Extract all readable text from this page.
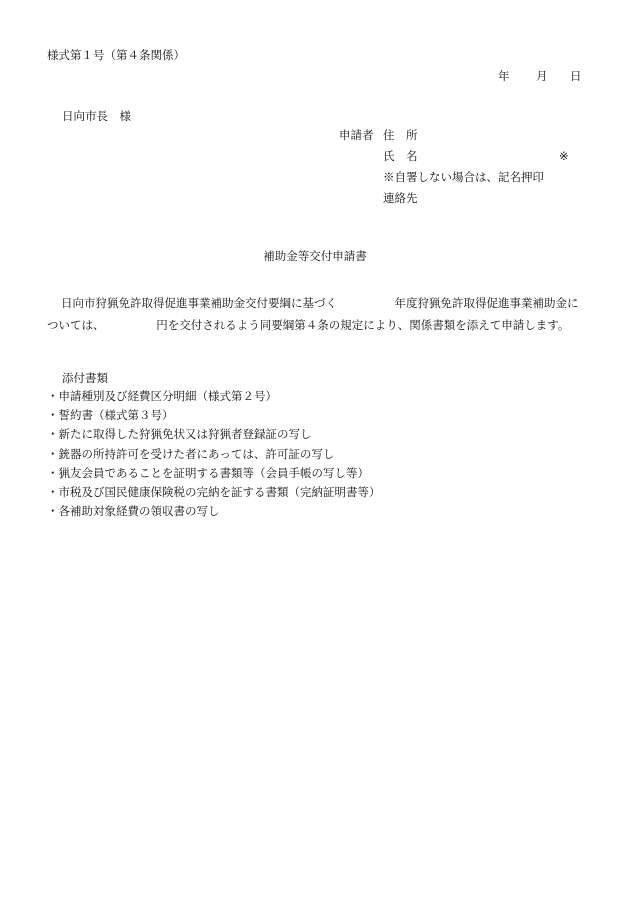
様式第１号（第４条関係）
年 月 日
日向市長　様
申請者 住　所
氏　名	※
※自署しない場合は、記名押印
連絡先
補助金等交付申請書

日向市狩猟免許取得促進事業補助金交付要綱に基づく　　　　　年度狩猟免許取得促進事業補助金に

ついては、　　　　　円を交付されるよう同要綱第４条の規定により、関係書類を添えて申請します。

添付書類
・申請種別及び経費区分明細（様式第２号）
・誓約書（様式第３号）
・新たに取得した狩猟免状又は狩猟者登録証の写し
・銃器の所持許可を受けた者にあっては、許可証の写し
・猟友会員であることを証明する書類等（会員手帳の写し等）
・市税及び国民健康保険税の完納を証する書類（完納証明書等）
・各補助対象経費の領収書の写し
